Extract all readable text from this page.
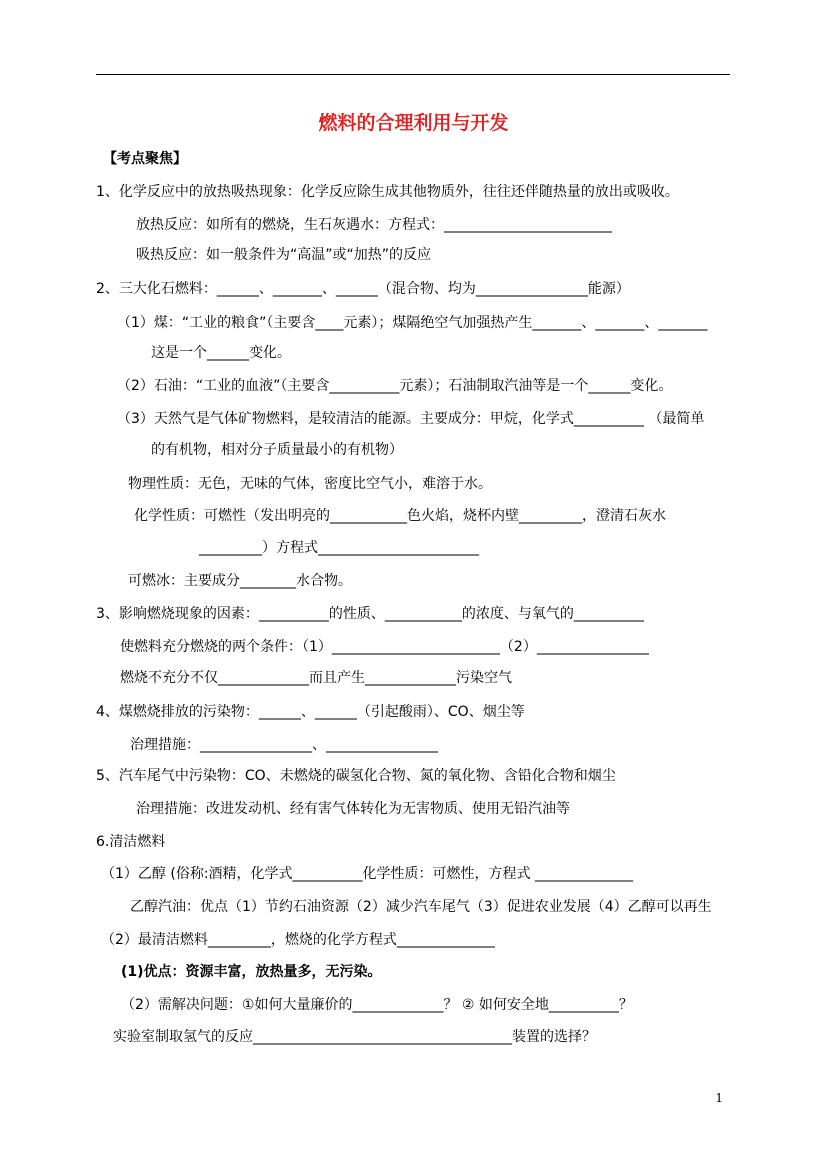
燃料的合理利用与开发
【考点聚焦】
1、化学反应中的放热吸热现象：化学反应除生成其他物质外，往往还伴随热量的放出或吸收。
放热反应：如所有的燃烧，生石灰遇水：方程式：________________________
吸热反应：如一般条件为“高温”或“加热”的反应
2、三大化石燃料：______、_______、______（混合物、均为________________能源）
（1）煤：“工业的粮食”（主要含____元素）；煤隔绝空气加强热产生_______、_______、_______
这是一个______变化。
（2）石油：“工业的血液”（主要含__________元素）；石油制取汽油等是一个______变化。
（3）天然气是气体矿物燃料，是较清洁的能源。主要成分：甲烷，化学式__________ （最简单
的有机物，相对分子质量最小的有机物）
物理性质：无色，无味的气体，密度比空气小，难溶于水。
化学性质：可燃性（发出明亮的___________色火焰，烧杯内壁_________，澄清石灰水
_________）方程式_______________________
可燃冰：主要成分________水合物。
3、影响燃烧现象的因素：__________的性质、___________的浓度、与氧气的__________
使燃料充分燃烧的两个条件：（1）________________________（2）________________
燃烧不充分不仅_____________而且产生_____________污染空气
4、煤燃烧排放的污染物：______、______（引起酸雨）、CO、烟尘等
治理措施：________________、________________
5、汽车尾气中污染物：CO、未燃烧的碳氢化合物、氮的氧化物、含铅化合物和烟尘
治理措施：改进发动机、经有害气体转化为无害物质、使用无铅汽油等
6.清洁燃料
（1）乙醇 (俗称:酒精，化学式__________化学性质：可燃性，方程式 ______________
乙醇汽油：优点（1）节约石油资源（2）减少汽车尾气（3）促进农业发展（4）乙醇可以再生
（2）最清洁燃料_________，燃烧的化学方程式______________
(1)优点：资源丰富，放热量多，无污染。
（2）需解决问题：①如何大量廉价的_____________？ ② 如何安全地__________？
实验室制取氢气的反应_____________________________________装置的选择？
1
